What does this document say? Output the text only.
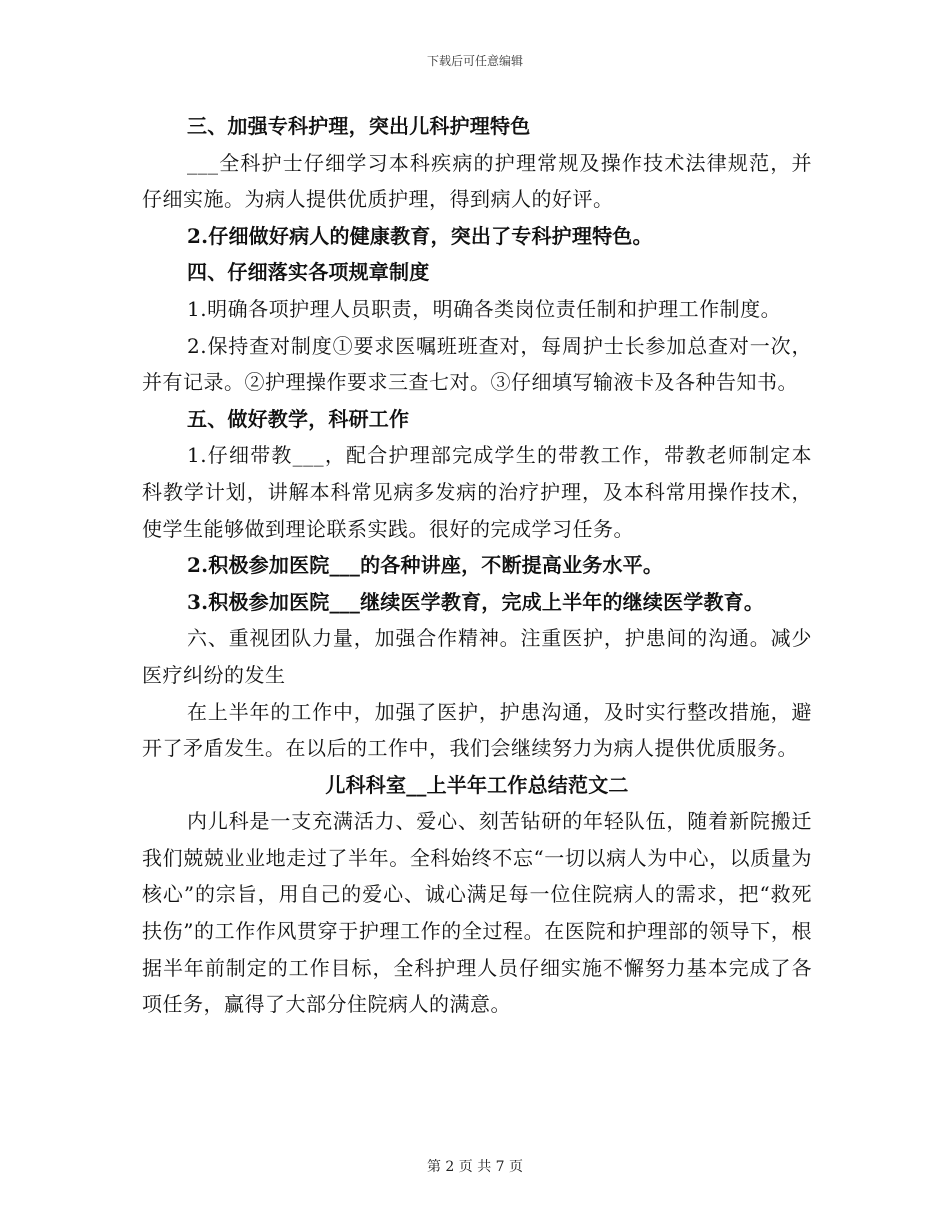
下载后可任意编辑

三、加强专科护理，突出儿科护理特色

___全科护士仔细学习本科疾病的护理常规及操作技术法律规范，并仔细实施。为病人提供优质护理，得到病人的好评。

2.仔细做好病人的健康教育，突出了专科护理特色。

四、仔细落实各项规章制度

1.明确各项护理人员职责，明确各类岗位责任制和护理工作制度。

2.保持查对制度①要求医嘱班班查对，每周护士长参加总查对一次，并有记录。②护理操作要求三查七对。③仔细填写输液卡及各种告知书。

五、做好教学，科研工作

1.仔细带教___，配合护理部完成学生的带教工作，带教老师制定本科教学计划，讲解本科常见病多发病的治疗护理，及本科常用操作技术，使学生能够做到理论联系实践。很好的完成学习任务。

2.积极参加医院___的各种讲座，不断提高业务水平。

3.积极参加医院___继续医学教育，完成上半年的继续医学教育。

六、重视团队力量，加强合作精神。注重医护，护患间的沟通。减少医疗纠纷的发生

在上半年的工作中，加强了医护，护患沟通，及时实行整改措施，避开了矛盾发生。在以后的工作中，我们会继续努力为病人提供优质服务。

儿科科室__上半年工作总结范文二

内儿科是一支充满活力、爱心、刻苦钻研的年轻队伍，随着新院搬迁我们兢兢业业地走过了半年。全科始终不忘“一切以病人为中心，以质量为核心”的宗旨，用自己的爱心、诚心满足每一位住院病人的需求，把“救死扶伤”的工作作风贯穿于护理工作的全过程。在医院和护理部的领导下，根据半年前制定的工作目标，全科护理人员仔细实施不懈努力基本完成了各项任务，赢得了大部分住院病人的满意。

第 2 页 共 7 页
